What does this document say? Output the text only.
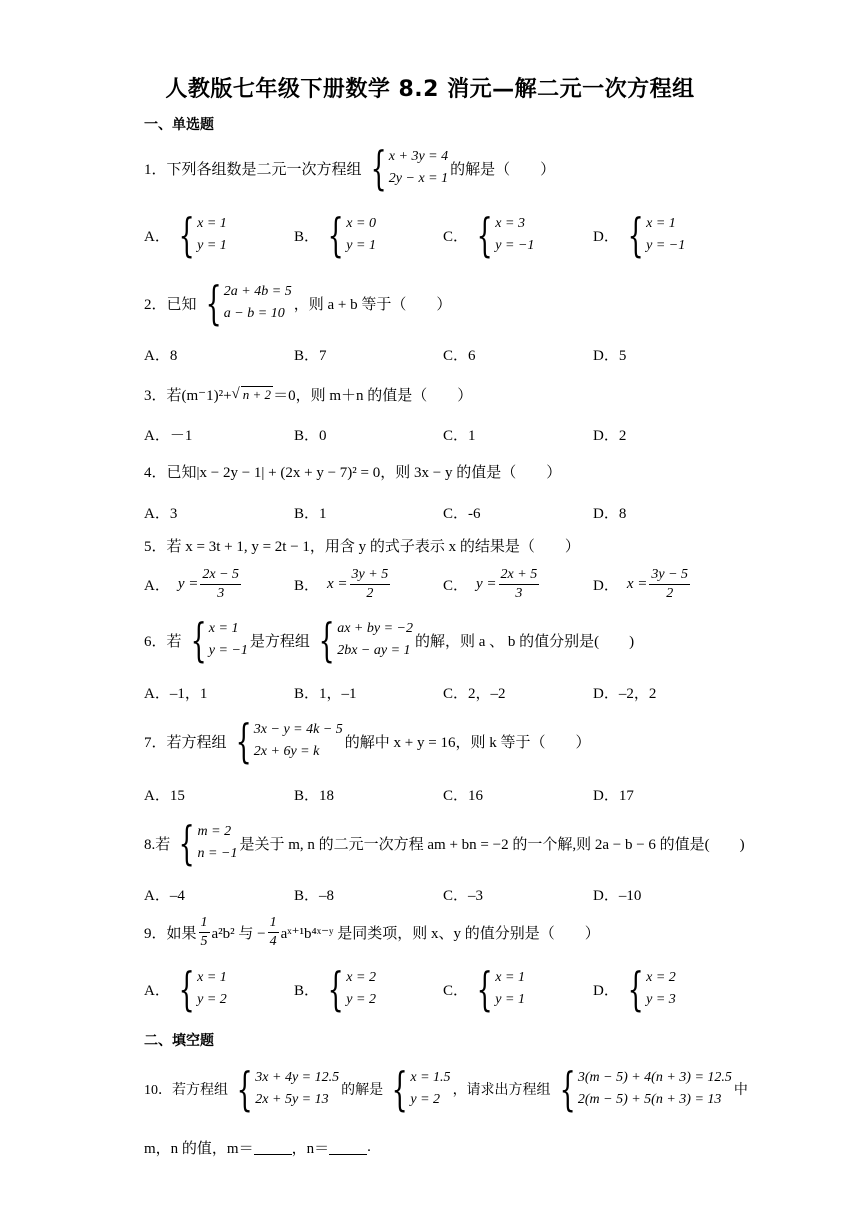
人教版七年级下册数学 8.2 消元—解二元一次方程组
一、单选题
1．下列各组数是二元一次方程组 { x + 3y = 4
2y − x = 1
的解是（　　）
A． { x = 1
y = 1
B． { x = 0
y = 1
C． { x = 3
y = −1
D． { x = 1
y = −1
2．已知 { 2a + 4b = 5
a − b = 10
，则 a + b 等于（　　）
A．8	B．7	C．6	D．5
3．若(m⁻1)²+ √ n + 2 ＝0，则 m＋n 的值是（　　）
A．－1	B．0	C．1	D．2
4．已知|x − 2y − 1| + (2x + y − 7)² = 0，则 3x − y 的值是（　　）
A．3	B．1	C．-6	D．8
5．若 x = 3t + 1, y = 2t − 1，用含 y 的式子表示 x 的结果是（　　）
A． $y = \frac{2x - 5}{3}$	B． $x = \frac{3y + 5}{2}$	C． $y = \frac{2x + 5}{3}$	D． $x = \frac{3y - 5}{2}$
6．若 { x = 1
y = −1
是方程组 { ax + by = −2
2bx − ay = 1
的解，则 a 、 b 的值分别是(　　)
A．–1，1	B．1，–1	C．2，–2	D．–2，2
7．若方程组 { 3x − y = 4k − 5
2x + 6y = k
的解中 x + y = 16，则 k 等于（　　）
A．15	B．18	C．16	D．17
8.若 { m = 2
n = −1
是关于 m, n 的二元一次方程 am + bn = −2 的一个解,则 2a − b − 6 的值是(　　)
A．–4	B．–8	C．–3	D．–10
9．如果 $\frac{1}{5} a^2b^2$ 与 − $\frac{1}{4}$ aˣ⁺¹b⁴ˣ⁻ʸ 是同类项，则 x、y 的值分别是（　　）
A． { x = 1
y = 2
B． { x = 2
y = 2
C． { x = 1
y = 1
D． { x = 2
y = 3
二、填空题
10．若方程组 { 3x + 4y = 12.5
2x + 5y = 13
的解是 { x = 1.5
y = 2
，请求出方程组 { 3(m − 5) + 4(n + 3) = 12.5
2(m − 5) + 5(n + 3) = 13
中
m，n 的值，m＝	，n＝	.
